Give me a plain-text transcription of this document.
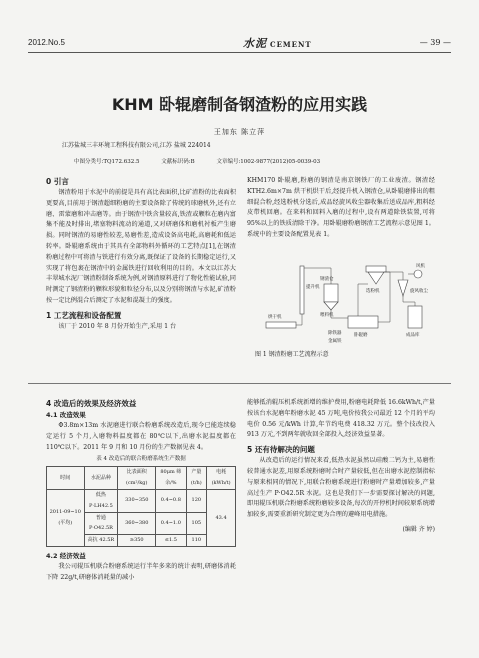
2012.No.5	水泥 CEMENT	— 39 —
KHM 卧辊磨制备钢渣粉的应用实践
王加东 陈立萍
江苏盐城三丰环境工程科技有限公司,江苏 盐城 224014
中图分类号:TQ172.632.5	文献标识码:B	文章编号:1002-9877(2012)05-0039-03

0 引言

钢渣粉用于水泥中的前提是具有高比表面积,比矿渣粉的比表面积更要高,目前用于钢渣超细粉磨的主要设备除了传统的球磨机外,还有立磨、雷蒙磨和冲击磨等。由于钢渣中铁含量较高,铁渣或颗粒在磨内富集不能及时排出,堵塞物料流动的通道,又对研磨体和磨机衬板产生磨损。同时钢渣的易磨性较差,易磨性差,造成设备高电耗,高磨耗和低运转率。卧辊磨系统由于其具有全部物料外循环的工艺特点[1],在钢渣粉磨过程中可将渣与铁进行有效分离,既保证了设备的长期稳定运行,又实现了将包裹在钢渣中的金属铁进行回收利用的目的。本文以江苏大丰翠城水泥厂钢渣粉制备系统为例,对钢渣原料进行了物化性能试验,同时测定了钢渣粉的颗粒形貌和粒径分布,以及分别将钢渣与水泥,矿渣粉按一定比例混合后测定了水泥和混凝土的强度。

1 工艺流程和设备配置

该厂于 2010 年 8 月份开始生产,采用 1 台

KHM170 卧辊磨,粉磨的钢渣是南京钢铁厂的工业废渣。钢渣经 KTH2.6m×7m 烘干机烘干后,经提升机入钢渣仓,从卧辊磨排出的粗细混合粉,经选粉机分选后,成品经旋风收尘器收集后送成品库,粗料经皮带机回磨。在来料和回料入磨的过程中,设有两道除铁装置,可将 95%以上的铁质清除干净。用卧辊磨粉磨钢渣工艺流程示意见图 1。系统中的主要设备配置见表 1。

提升机
钢渣仓
喂料机
烘干机
选粉机	旋风收尘
卧辊磨
除铁器
金属铁
成品库
风机
图 1 钢渣粉磨工艺流程示意

4 改造后的效果及经济效益

4.1 改造效果

Φ3.8m×13m 水泥磨进行联合粉磨系统改造后,现今已能连续稳定运行 5 个月,入磨物料温度都在 80℃以下,出磨水泥温度都在 110℃以下。2011 年 9 月和 10 月份的生产数据见表 4。

表 4 改造后的联合粉磨系统生产数据
时间	水泥品种	比表面积 (cm²/kg)	80μm 筛余/%	产量 (t/h)	电耗 (kWh/t)
2011-09~10 (平均)	低热 P·LH42.5	330~350	0.4~0.8	120	43.4
	普通 P·O42.5R	360~380	0.4~1.0	105	
	高抗 42.5R	≥350	≤1.5	110	

4.2 经济效益

我公司辊压机联合粉磨系统运行半年多来的统计表明,研磨体消耗下降 22g/t,研磨体消耗量的减小

能够抵消辊压机系统新增的维护费用,粉磨电耗降低 16.6kWh/t,产量按该台水泥磨年粉磨水泥 45 万吨,电价按我公司最近 12 个月的平均电价 0.56 元/kWh 计算,年节约电费 418.32 万元。整个技改投入 913 万元,不到两年就收回全部投入,经济效益显著。

5 还有待解决的问题

从改造后的运行情况来看,低热水泥虽然以硅酸二钙为主,易磨性较普通水泥差,用原系统粉磨时合时产量较低,但在出磨水泥控制指标与原来相同的情况下,用联合粉磨系统进行粉磨时产量增加较多,产量高过生产 P·O42.5R 水泥。这也是我们下一步需要探讨解决的问题,即用辊压机联合粉磨系统粉磨较多设备,每次的开停机时间较原系统增加较多,需要重新研究制定更为合理的避峰用电措施。

(编辑 齐 婷)
